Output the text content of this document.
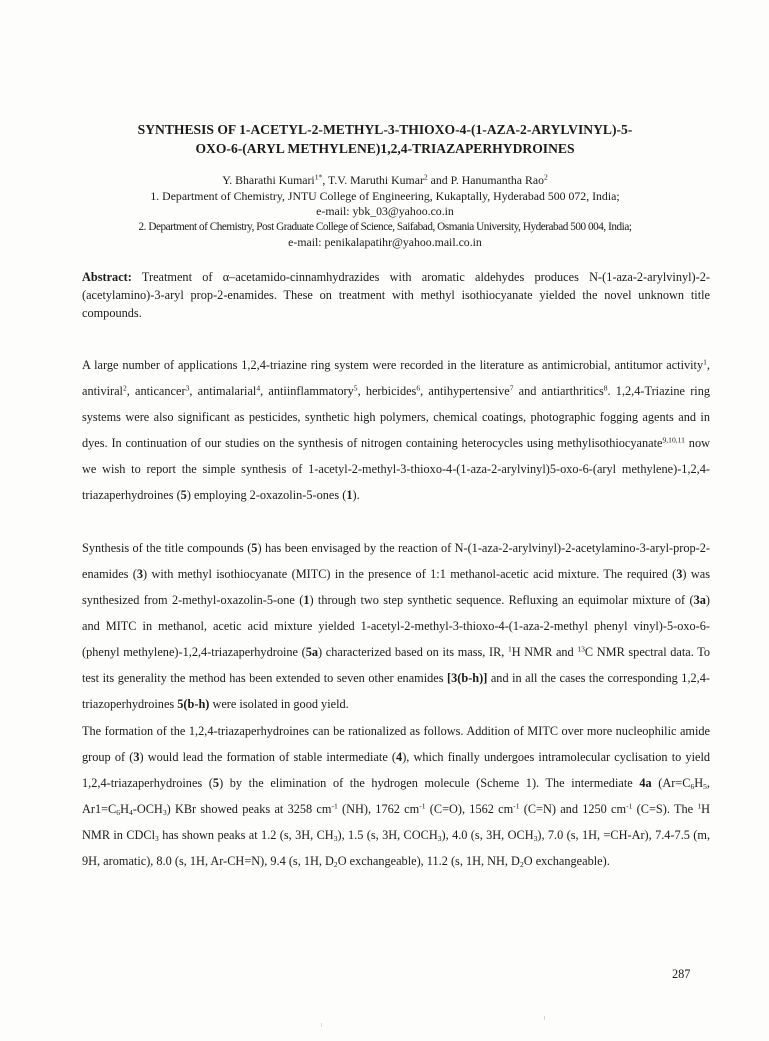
SYNTHESIS OF 1-ACETYL-2-METHYL-3-THIOXO-4-(1-AZA-2-ARYLVINYL)-5-
OXO-6-(ARYL METHYLENE)1,2,4-TRIAZAPERHYDROINES
Y. Bharathi Kumari$^{1*}$, T.V. Maruthi Kumar$^2$ and P. Hanumantha Rao$^2$
1. Department of Chemistry, JNTU College of Engineering, Kukaptally, Hyderabad 500 072, India;
e-mail: ybk_03@yahoo.co.in
2. Department of Chemistry, Post Graduate College of Science, Saifabad, Osmania University, Hyderabad 500 004, India;
e-mail: penikalapatihr@yahoo.mail.co.in

Abstract: Treatment of α–acetamido-cinnamhydrazides with aromatic aldehydes produces N-(1-aza-2-arylvinyl)-2-(acetylamino)-3-aryl prop-2-enamides. These on treatment with methyl isothiocyanate yielded the novel unknown title compounds.

A large number of applications 1,2,4-triazine ring system were recorded in the literature as antimicrobial, antitumor activity$^1$, antiviral$^2$, anticancer$^3$, antimalarial$^4$, antiinflammatory$^5$, herbicides$^6$, antihypertensive$^7$ and antiarthritics$^8$. 1,2,4-Triazine ring systems were also significant as pesticides, synthetic high polymers, chemical coatings, photographic fogging agents and in dyes. In continuation of our studies on the synthesis of nitrogen containing heterocycles using methylisothiocyanate$^{9,10,11}$ now we wish to report the simple synthesis of 1-acetyl-2-methyl-3-thioxo-4-(1-aza-2-arylvinyl)5-oxo-6-(aryl methylene)-1,2,4-triazaperhydroines (5) employing 2-oxazolin-5-ones (1).

Synthesis of the title compounds (5) has been envisaged by the reaction of N-(1-aza-2-arylvinyl)-2-acetylamino-3-aryl-prop-2-enamides (3) with methyl isothiocyanate (MITC) in the presence of 1:1 methanol-acetic acid mixture. The required (3) was synthesized from 2-methyl-oxazolin-5-one (1) through two step synthetic sequence. Refluxing an equimolar mixture of (3a) and MITC in methanol, acetic acid mixture yielded 1-acetyl-2-methyl-3-thioxo-4-(1-aza-2-methyl phenyl vinyl)-5-oxo-6-(phenyl methylene)-1,2,4-triazaperhydroine (5a) characterized based on its mass, IR, $^1$H NMR and $^{13}$C NMR spectral data. To test its generality the method has been extended to seven other enamides [3(b-h)] and in all the cases the corresponding 1,2,4-triazoperhydroines 5(b-h) were isolated in good yield.

The formation of the 1,2,4-triazaperhydroines can be rationalized as follows. Addition of MITC over more nucleophilic amide group of (3) would lead the formation of stable intermediate (4), which finally undergoes intramolecular cyclisation to yield 1,2,4-triazaperhydroines (5) by the elimination of the hydrogen molecule (Scheme 1). The intermediate 4a ($Ar=C_6H_5$, $Ar1=C_6H_4-OCH_3$) KBr showed peaks at 3258 $cm^{-1}$ (NH), 1762 $cm^{-1}$ (C=O), 1562 $cm^{-1}$ (C=N) and 1250 $cm^{-1}$ (C=S). The $^1$H NMR in CDCl$_3$ has shown peaks at 1.2 (s, 3H, $CH_3$), 1.5 (s, 3H, $COCH_3$), 4.0 (s, 3H, $OCH_3$), 7.0 (s, 1H, =CH-Ar), 7.4-7.5 (m, 9H, aromatic), 8.0 (s, 1H, Ar-CH=N), 9.4 (s, 1H, $D_2O$ exchangeable), 11.2 (s, 1H, NH, $D_2O$ exchangeable).

287
